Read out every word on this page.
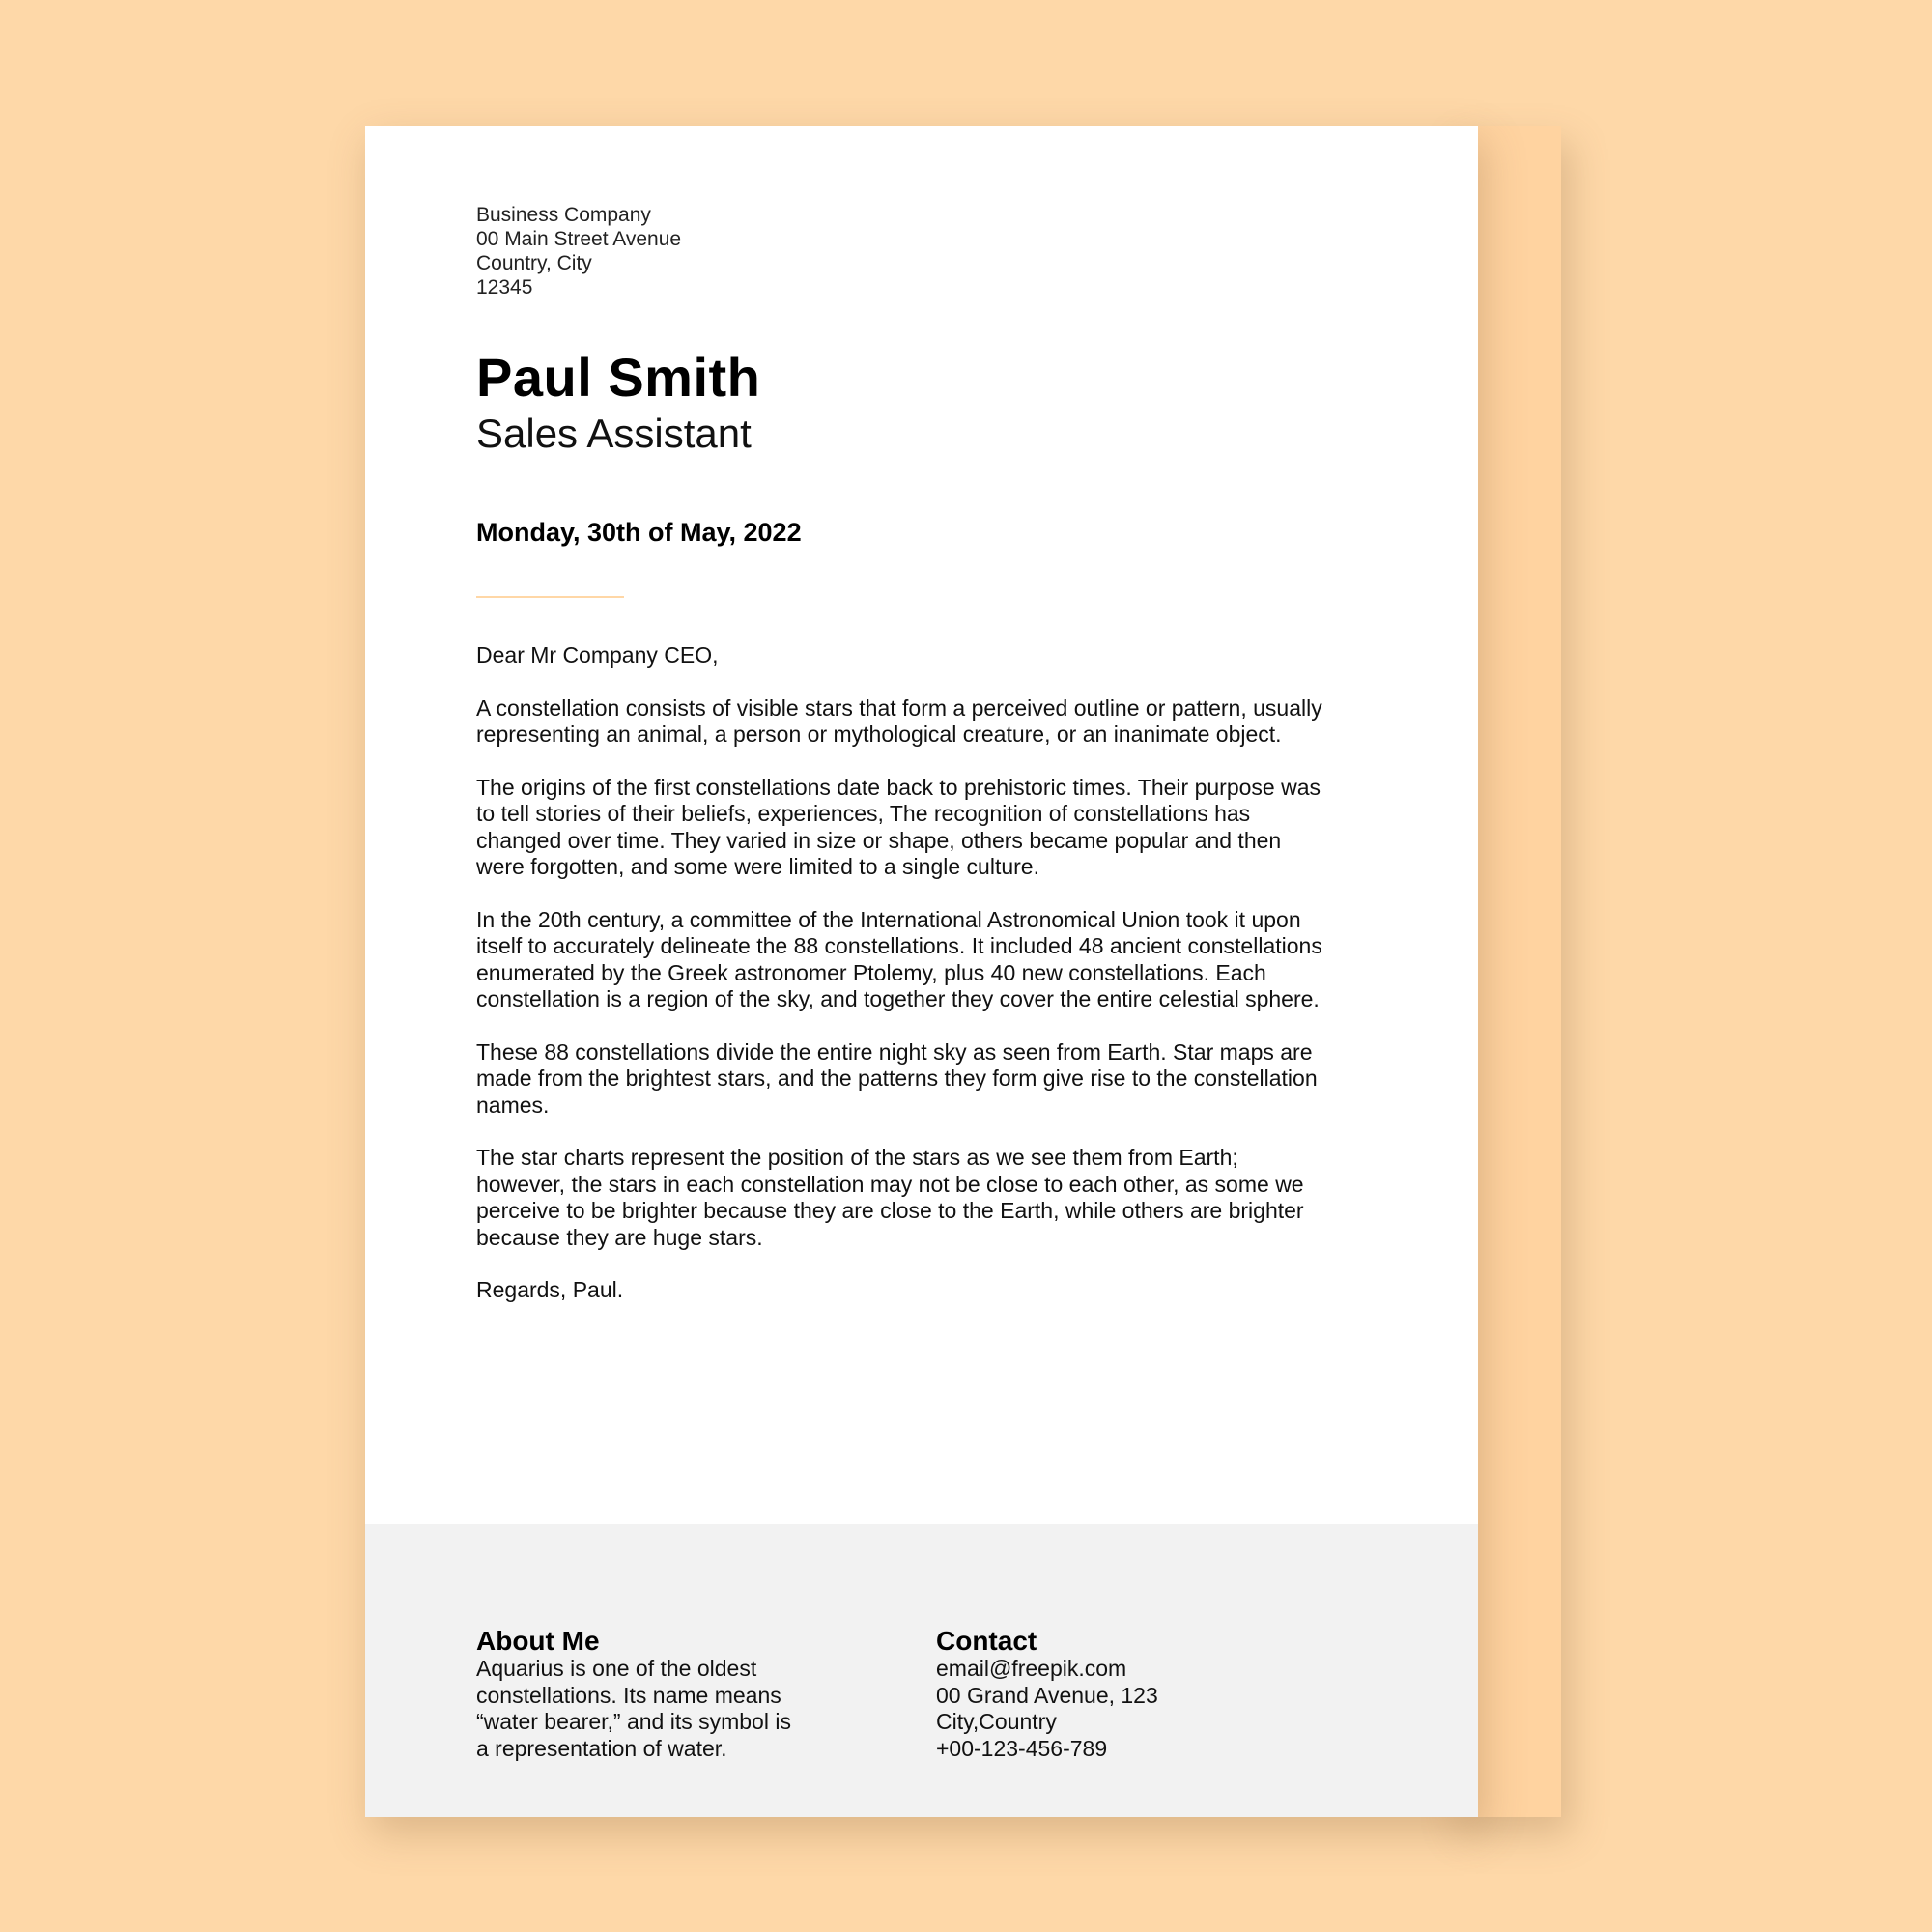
Business Company
00 Main Street Avenue
Country, City
12345
Paul Smith
Sales Assistant
Monday, 30th of May, 2022

Dear Mr Company CEO,

A constellation consists of visible stars that form a perceived outline or pattern, usually representing an animal, a person or mythological creature, or an inanimate object.

The origins of the first constellations date back to prehistoric times. Their purpose was to tell stories of their beliefs, experiences, The recognition of constellations has changed over time. They varied in size or shape, others became popular and then were forgotten, and some were limited to a single culture.

In the 20th century, a committee of the International Astronomical Union took it upon itself to accurately delineate the 88 constellations. It included 48 ancient constellations enumerated by the Greek astronomer Ptolemy, plus 40 new constellations. Each constellation is a region of the sky, and together they cover the entire celestial sphere.

These 88 constellations divide the entire night sky as seen from Earth. Star maps are made from the brightest stars, and the patterns they form give rise to the constellation names.

The star charts represent the position of the stars as we see them from Earth; however, the stars in each constellation may not be close to each other, as some we perceive to be brighter because they are close to the Earth, while others are brighter because they are huge stars.

Regards, Paul.

About Me
Aquarius is one of the oldest
constellations. Its name means
“water bearer,” and its symbol is
a representation of water.
Contact
email@freepik.com
00 Grand Avenue, 123
City,Country
+00-123-456-789
